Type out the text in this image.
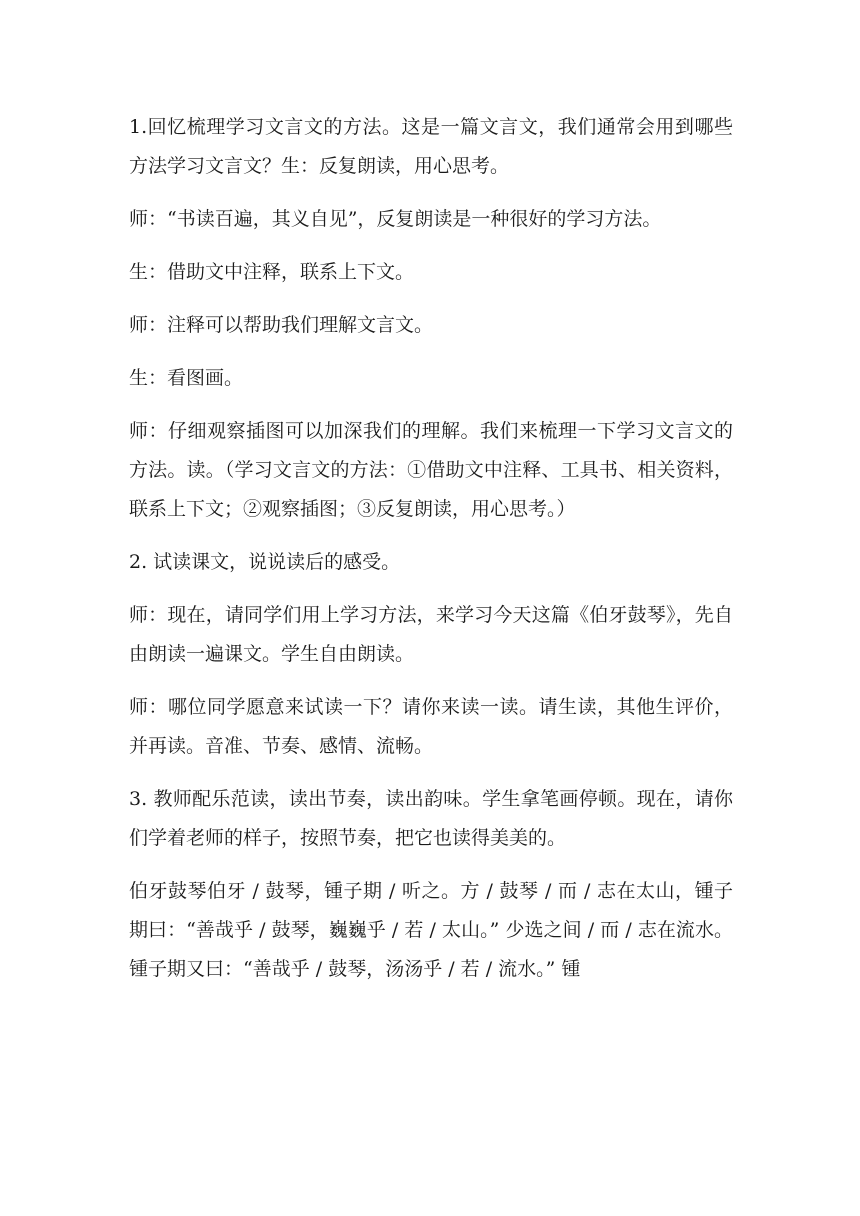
1.回忆梳理学习文言文的方法。这是一篇文言文，我们通常会用到哪些方法学习文言文？生：反复朗读，用心思考。

师：“书读百遍，其义自见”，反复朗读是一种很好的学习方法。

生：借助文中注释，联系上下文。

师：注释可以帮助我们理解文言文。

生：看图画。

师：仔细观察插图可以加深我们的理解。我们来梳理一下学习文言文的方法。读。（学习文言文的方法：①借助文中注释、工具书、相关资料，联系上下文；②观察插图；③反复朗读，用心思考。）

2. 试读课文，说说读后的感受。

师：现在，请同学们用上学习方法，来学习今天这篇《伯牙鼓琴》，先自由朗读一遍课文。学生自由朗读。

师：哪位同学愿意来试读一下？请你来读一读。请生读，其他生评价，并再读。音准、节奏、感情、流畅。

3. 教师配乐范读，读出节奏，读出韵味。学生拿笔画停顿。现在，请你们学着老师的样子，按照节奏，把它也读得美美的。

伯牙鼓琴伯牙 / 鼓琴，锺子期 / 听之。方 / 鼓琴 / 而 / 志在太山，锺子期曰：“善哉乎 / 鼓琴，巍巍乎 / 若 / 太山。” 少选之间 / 而 / 志在流水。锺子期又曰：“善哉乎 / 鼓琴，汤汤乎 / 若 / 流水。” 锺
